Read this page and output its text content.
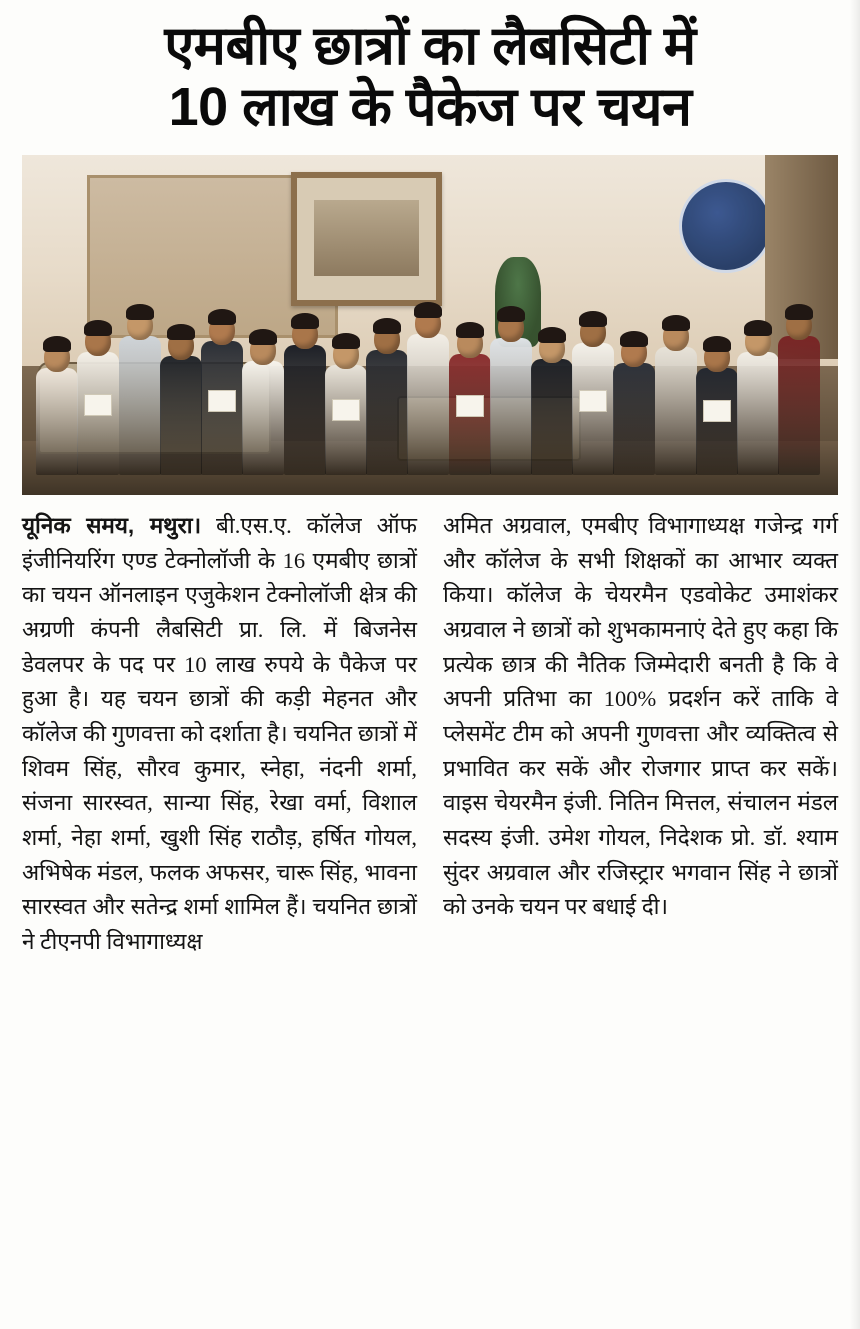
एमबीए छात्रों का लैबसिटी में
10 लाख के पैकेज पर चयन

यूनिक समय, मथुरा। बी.एस.ए. कॉलेज ऑफ इंजीनियरिंग एण्ड टेक्नोलॉजी के 16 एमबीए छात्रों का चयन ऑनलाइन एजुकेशन टेक्नोलॉजी क्षेत्र की अग्रणी कंपनी लैबसिटी प्रा. लि. में बिजनेस डेवलपर के पद पर 10 लाख रुपये के पैकेज पर हुआ है। यह चयन छात्रों की कड़ी मेहनत और कॉलेज की गुणवत्ता को दर्शाता है। चयनित छात्रों में शिवम सिंह, सौरव कुमार, स्नेहा, नंदनी शर्मा, संजना सारस्वत, सान्या सिंह, रेखा वर्मा, विशाल शर्मा, नेहा शर्मा, खुशी सिंह राठौड़, हर्षित गोयल, अभिषेक मंडल, फलक अफसर, चारू सिंह, भावना सारस्वत और सतेन्द्र शर्मा शामिल हैं। चयनित छात्रों ने टीएनपी विभागाध्यक्ष

अमित अग्रवाल, एमबीए विभागाध्यक्ष गजेन्द्र गर्ग और कॉलेज के सभी शिक्षकों का आभार व्यक्त किया। कॉलेज के चेयरमैन एडवोकेट उमाशंकर अग्रवाल ने छात्रों को शुभकामनाएं देते हुए कहा कि प्रत्येक छात्र की नैतिक जिम्मेदारी बनती है कि वे अपनी प्रतिभा का 100% प्रदर्शन करें ताकि वे प्लेसमेंट टीम को अपनी गुणवत्ता और व्यक्तित्व से प्रभावित कर सकें और रोजगार प्राप्त कर सकें। वाइस चेयरमैन इंजी. नितिन मित्तल, संचालन मंडल सदस्य इंजी. उमेश गोयल, निदेशक प्रो. डॉ. श्याम सुंदर अग्रवाल और रजिस्ट्रार भगवान सिंह ने छात्रों को उनके चयन पर बधाई दी।
